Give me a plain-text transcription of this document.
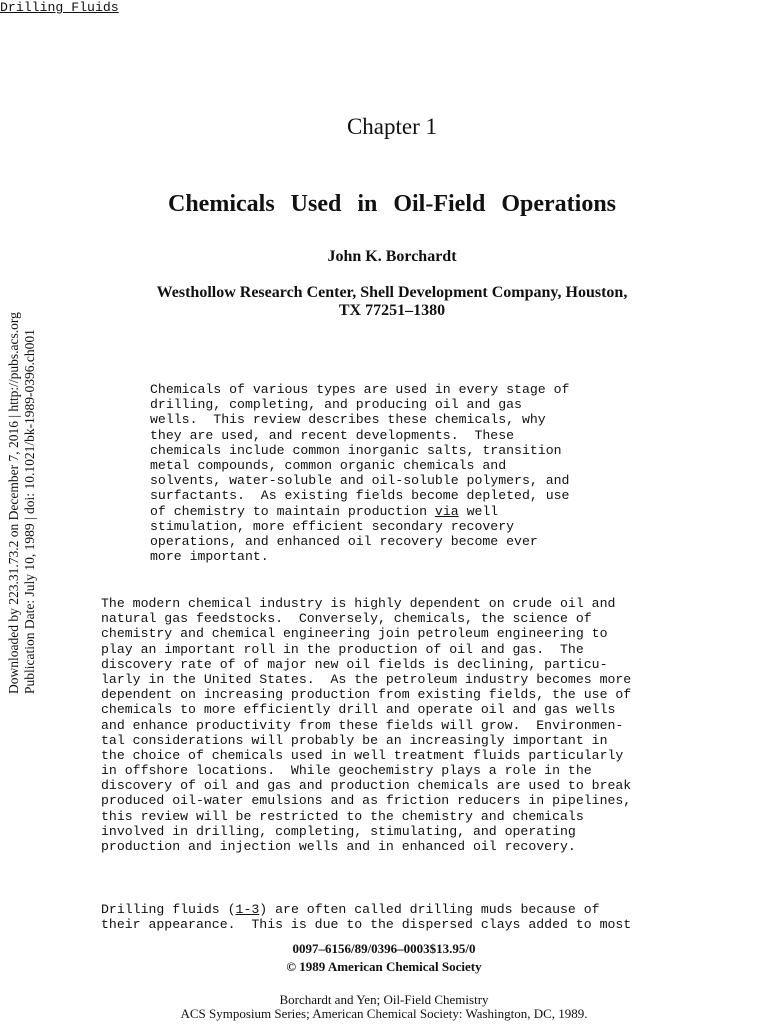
Downloaded by 223.31.73.2 on December 7, 2016 | http://pubs.acs.org Publication Date: July 10, 1989 | doi: 10.1021/bk-1989-0396.ch001
Chapter 1
Chemicals Used in Oil-Field Operations
John K. Borchardt
Westhollow Research Center, Shell Development Company, Houston,
TX 77251–1380
Chemicals of various types are used in every stage of
drilling, completing, and producing oil and gas
wells.  This review describes these chemicals, why
they are used, and recent developments.  These
chemicals include common inorganic salts, transition
metal compounds, common organic chemicals and
solvents, water-soluble and oil-soluble polymers, and
surfactants.  As existing fields become depleted, use
of chemistry to maintain production via well
stimulation, more efficient secondary recovery
operations, and enhanced oil recovery become ever
more important.
The modern chemical industry is highly dependent on crude oil and
natural gas feedstocks.  Conversely, chemicals, the science of
chemistry and chemical engineering join petroleum engineering to
play an important roll in the production of oil and gas.  The
discovery rate of of major new oil fields is declining, particu-
larly in the United States.  As the petroleum industry becomes more
dependent on increasing production from existing fields, the use of
chemicals to more efficiently drill and operate oil and gas wells
and enhance productivity from these fields will grow.  Environmen-
tal considerations will probably be an increasingly important in
the choice of chemicals used in well treatment fluids particularly
in offshore locations.  While geochemistry plays a role in the
discovery of oil and gas and production chemicals are used to break
produced oil-water emulsions and as friction reducers in pipelines,
this review will be restricted to the chemistry and chemicals
involved in drilling, completing, stimulating, and operating
production and injection wells and in enhanced oil recovery.
Drilling Fluids
Drilling fluids (1-3) are often called drilling muds because of
their appearance.  This is due to the dispersed clays added to most
0097–6156/89/0396–0003$13.95/0
© 1989 American Chemical Society
Borchardt and Yen; Oil-Field Chemistry
ACS Symposium Series; American Chemical Society: Washington, DC, 1989.
